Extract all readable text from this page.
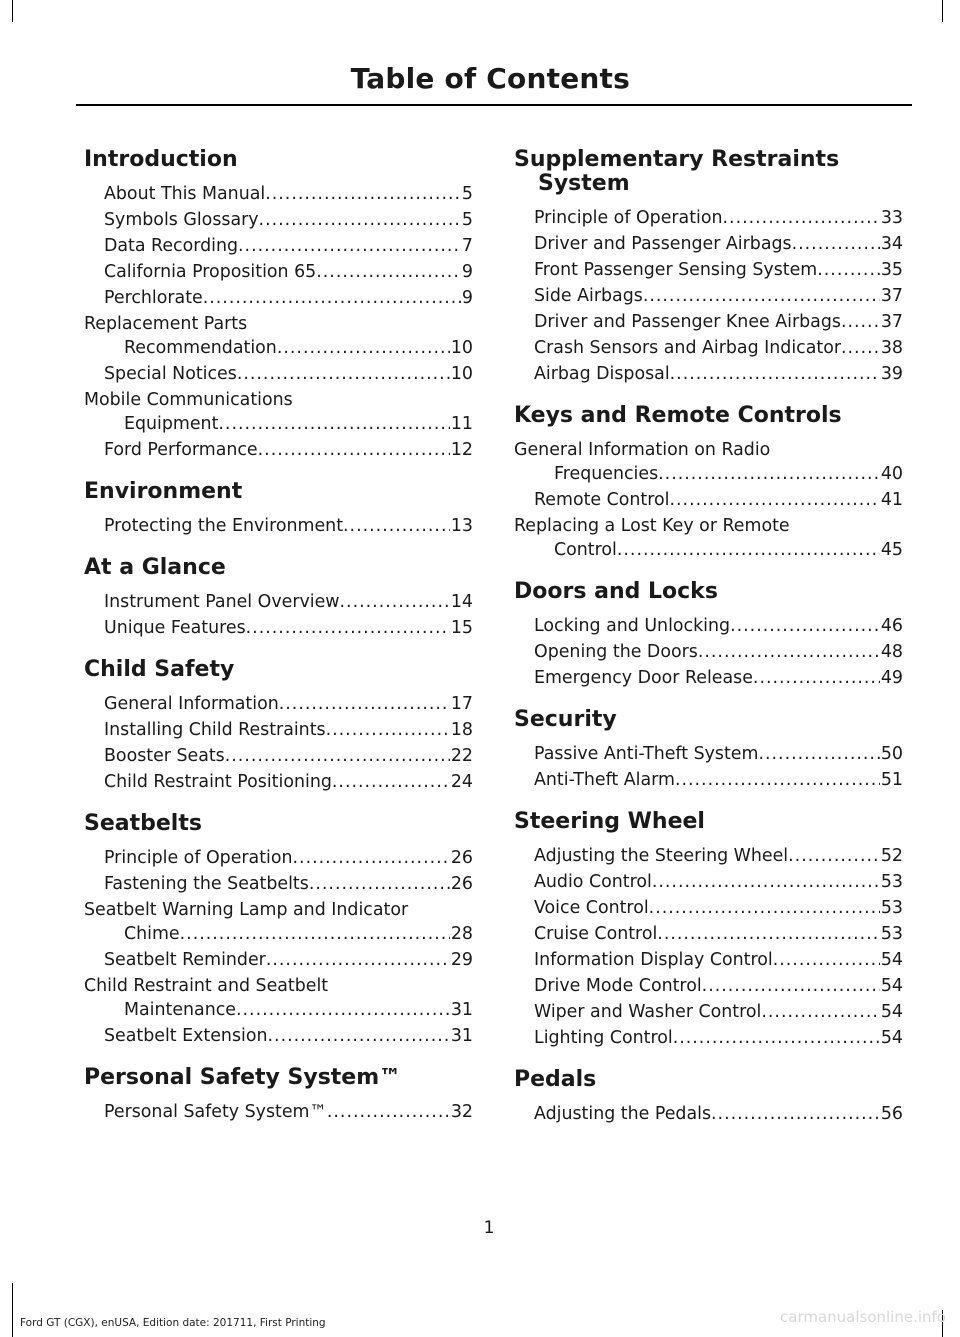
Table of Contents
Introduction
About This Manual .....	5
Symbols Glossary .....	5
Data Recording .....	7
California Proposition 65 .....	9
Perchlorate .....	9
Replacement Parts
Recommendation .....	10
Special Notices .....	10
Mobile Communications
Equipment .....	11
Ford Performance .....	12
Environment
Protecting the Environment .....	13
At a Glance
Instrument Panel Overview .....	14
Unique Features .....	15
Child Safety
General Information .....	17
Installing Child Restraints .....	18
Booster Seats .....	22
Child Restraint Positioning .....	24
Seatbelts
Principle of Operation .....	26
Fastening the Seatbelts .....	26
Seatbelt Warning Lamp and Indicator
Chime .....	28
Seatbelt Reminder .....	29
Child Restraint and Seatbelt
Maintenance .....	31
Seatbelt Extension .....	31
Personal Safety System™
Personal Safety System™ .....	32
Supplementary Restraints System
Principle of Operation .....	33
Driver and Passenger Airbags .....	34
Front Passenger Sensing System .....	35
Side Airbags .....	37
Driver and Passenger Knee Airbags ..... 37
Crash Sensors and Airbag Indicator ..... 38
Airbag Disposal .....	39
Keys and Remote Controls
General Information on Radio
Frequencies .....	40
Remote Control .....	41
Replacing a Lost Key or Remote
Control .....	45
Doors and Locks
Locking and Unlocking .....	46
Opening the Doors .....	48
Emergency Door Release .....	49
Security
Passive Anti-Theft System .....	50
Anti-Theft Alarm .....	51
Steering Wheel
Adjusting the Steering Wheel .....	52
Audio Control .....	53
Voice Control .....	53
Cruise Control .....	53
Information Display Control .....	54
Drive Mode Control .....	54
Wiper and Washer Control .....	54
Lighting Control .....	54
Pedals
Adjusting the Pedals .....	56
1
Ford GT (CGX), enUSA, Edition date: 201711, First Printing	carmanualsonline.info
